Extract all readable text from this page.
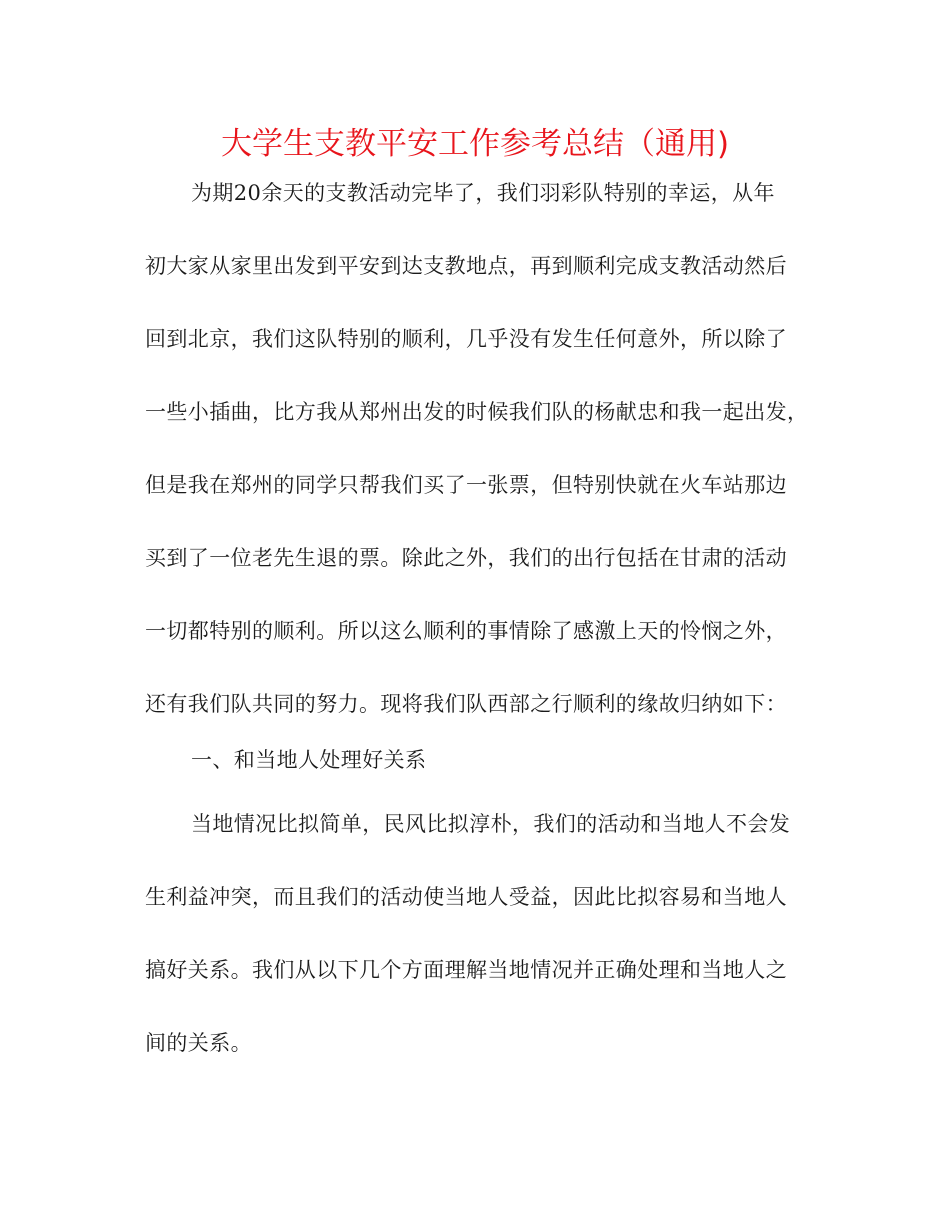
大学生支教平安工作参考总结（通用)
为期20余天的支教活动完毕了，我们羽彩队特别的幸运，从年
初大家从家里出发到平安到达支教地点，再到顺利完成支教活动然后
回到北京，我们这队特别的顺利，几乎没有发生任何意外，所以除了
一些小插曲，比方我从郑州出发的时候我们队的杨献忠和我一起出发，
但是我在郑州的同学只帮我们买了一张票，但特别快就在火车站那边
买到了一位老先生退的票。除此之外，我们的出行包括在甘肃的活动
一切都特别的顺利。所以这么顺利的事情除了感激上天的怜悯之外，
还有我们队共同的努力。现将我们队西部之行顺利的缘故归纳如下：
一、和当地人处理好关系
当地情况比拟简单，民风比拟淳朴，我们的活动和当地人不会发
生利益冲突，而且我们的活动使当地人受益，因此比拟容易和当地人
搞好关系。我们从以下几个方面理解当地情况并正确处理和当地人之
间的关系。
